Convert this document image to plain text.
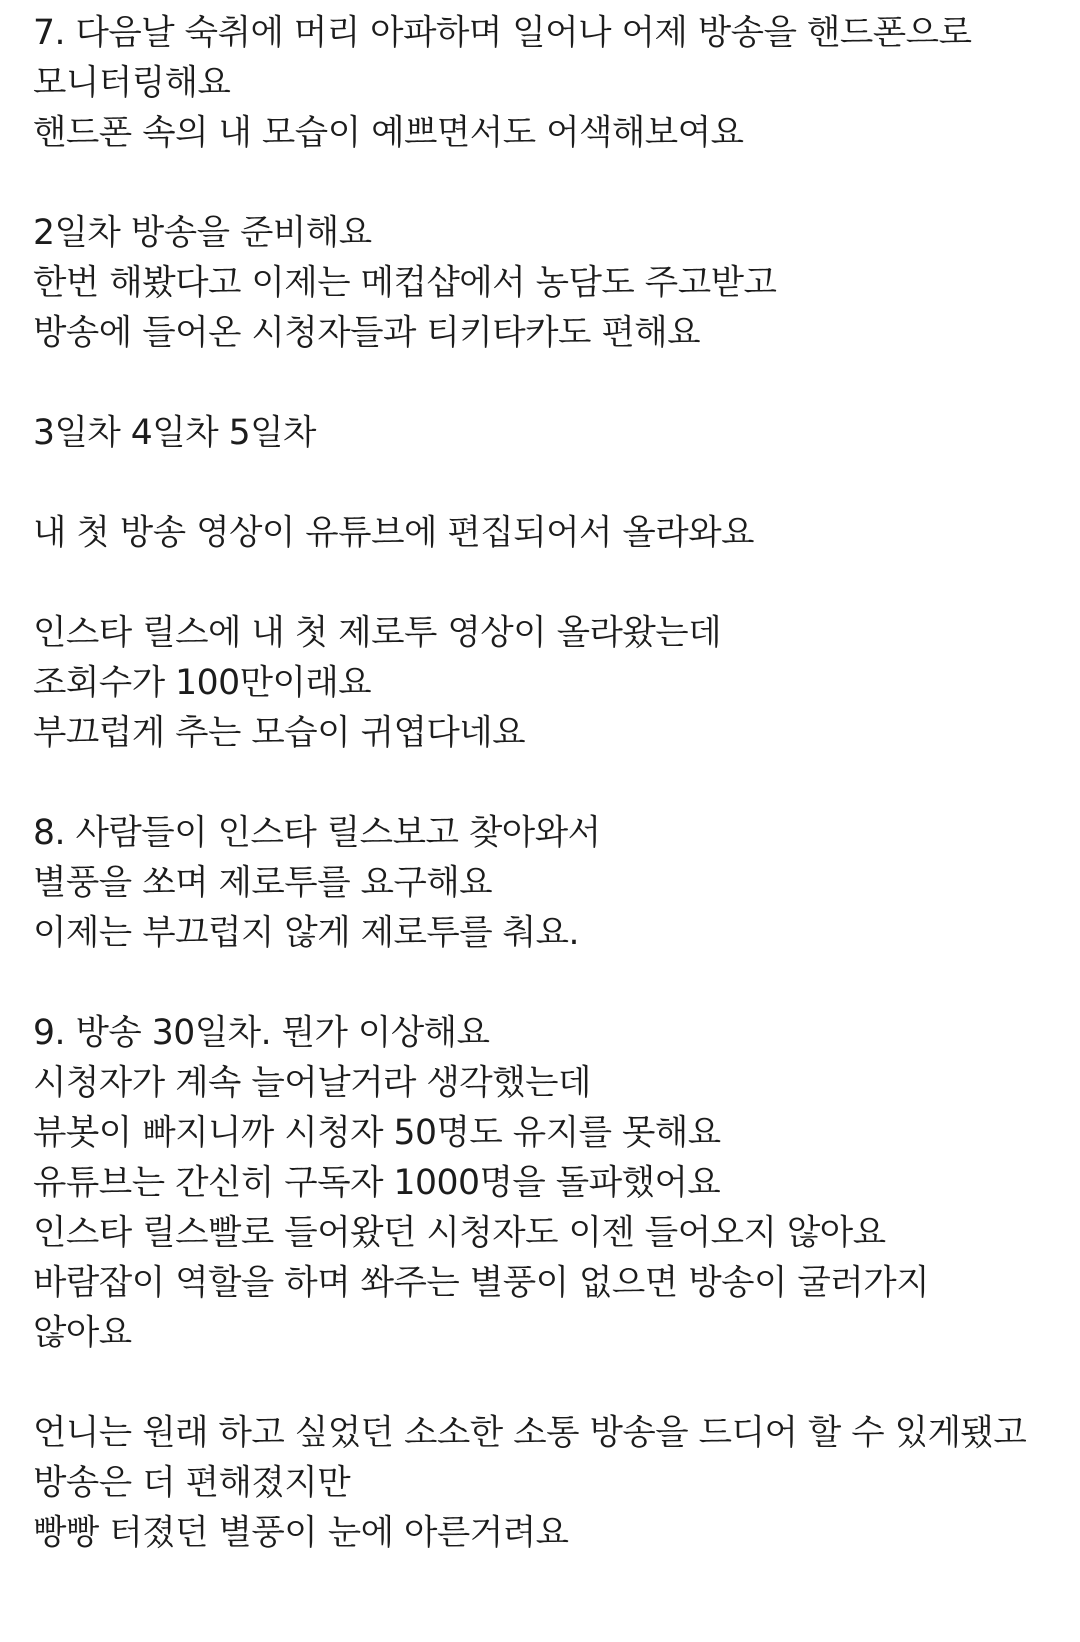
7. 다음날 숙취에 머리 아파하며 일어나 어제 방송을 핸드폰으로
모니터링해요
핸드폰 속의 내 모습이 예쁘면서도 어색해보여요
2일차 방송을 준비해요
한번 해봤다고 이제는 메컵샵에서 농담도 주고받고
방송에 들어온 시청자들과 티키타카도 편해요
3일차 4일차 5일차
내 첫 방송 영상이 유튜브에 편집되어서 올라와요
인스타 릴스에 내 첫 제로투 영상이 올라왔는데
조회수가 100만이래요
부끄럽게 추는 모습이 귀엽다네요
8. 사람들이 인스타 릴스보고 찾아와서
별풍을 쏘며 제로투를 요구해요
이제는 부끄럽지 않게 제로투를 춰요.
9. 방송 30일차. 뭔가 이상해요
시청자가 계속 늘어날거라 생각했는데
뷰봇이 빠지니까 시청자 50명도 유지를 못해요
유튜브는 간신히 구독자 1000명을 돌파했어요
인스타 릴스빨로 들어왔던 시청자도 이젠 들어오지 않아요
바람잡이 역할을 하며 쏴주는 별풍이 없으면 방송이 굴러가지
않아요
언니는 원래 하고 싶었던 소소한 소통 방송을 드디어 할 수 있게됐고
방송은 더 편해졌지만
빵빵 터졌던 별풍이 눈에 아른거려요
